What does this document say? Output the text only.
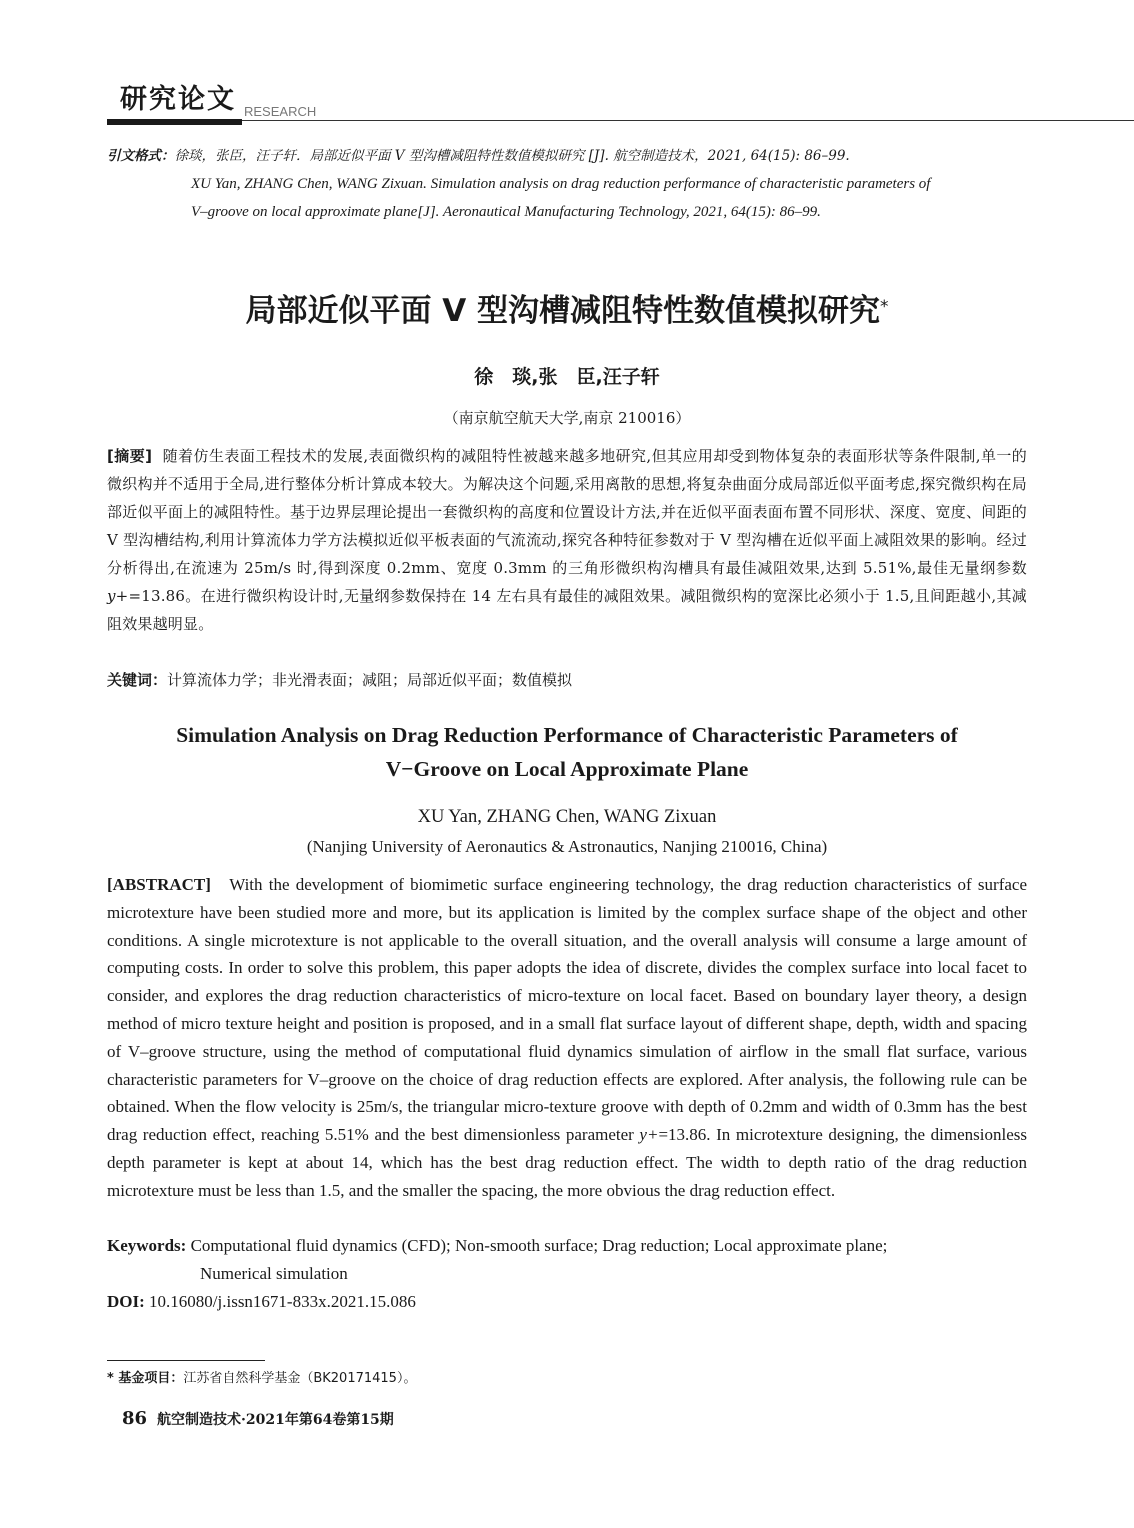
研究论文 RESEARCH
引文格式：徐琰，张臣，汪子轩．局部近似平面 V 型沟槽减阻特性数值模拟研究 [J]. 航空制造技术，2021, 64(15): 86–99.
XU Yan, ZHANG Chen, WANG Zixuan. Simulation analysis on drag reduction performance of characteristic parameters of
V–groove on local approximate plane[J]. Aeronautical Manufacturing Technology, 2021, 64(15): 86–99.
局部近似平面 V 型沟槽减阻特性数值模拟研究*
徐　琰,张　臣,汪子轩
（南京航空航天大学,南京 210016）
[摘要] 随着仿生表面工程技术的发展,表面微织构的减阻特性被越来越多地研究,但其应用却受到物体复杂的表面形状等条件限制,单一的微织构并不适用于全局,进行整体分析计算成本较大。为解决这个问题,采用离散的思想,将复杂曲面分成局部近似平面考虑,探究微织构在局部近似平面上的减阻特性。基于边界层理论提出一套微织构的高度和位置设计方法,并在近似平面表面布置不同形状、深度、宽度、间距的 V 型沟槽结构,利用计算流体力学方法模拟近似平板表面的气流流动,探究各种特征参数对于 V 型沟槽在近似平面上减阻效果的影响。经过分析得出,在流速为 25m/s 时,得到深度 0.2mm、宽度 0.3mm 的三角形微织构沟槽具有最佳减阻效果,达到 5.51%,最佳无量纲参数 y+=13.86。在进行微织构设计时,无量纲参数保持在 14 左右具有最佳的减阻效果。减阻微织构的宽深比必须小于 1.5,且间距越小,其减阻效果越明显。
关键词：计算流体力学；非光滑表面；减阻；局部近似平面；数值模拟
Simulation Analysis on Drag Reduction Performance of Characteristic Parameters of
V−Groove on Local Approximate Plane
XU Yan, ZHANG Chen, WANG Zixuan
(Nanjing University of Aeronautics & Astronautics, Nanjing 210016, China)
[ABSTRACT] With the development of biomimetic surface engineering technology, the drag reduction characteristics of surface microtexture have been studied more and more, but its application is limited by the complex surface shape of the object and other conditions. A single microtexture is not applicable to the overall situation, and the overall analysis will consume a large amount of computing costs. In order to solve this problem, this paper adopts the idea of discrete, divides the complex surface into local facet to consider, and explores the drag reduction characteristics of micro-texture on local facet. Based on boundary layer theory, a design method of micro texture height and position is proposed, and in a small flat surface layout of different shape, depth, width and spacing of V–groove structure, using the method of computational fluid dynamics simulation of airflow in the small flat surface, various characteristic parameters for V–groove on the choice of drag reduction effects are explored. After analysis, the following rule can be obtained. When the flow velocity is 25m/s, the triangular micro-texture groove with depth of 0.2mm and width of 0.3mm has the best drag reduction effect, reaching 5.51% and the best dimensionless parameter y+=13.86. In microtexture designing, the dimensionless depth parameter is kept at about 14, which has the best drag reduction effect. The width to depth ratio of the drag reduction microtexture must be less than 1.5, and the smaller the spacing, the more obvious the drag reduction effect.
Keywords: Computational fluid dynamics (CFD); Non-smooth surface; Drag reduction; Local approximate plane;
Numerical simulation
DOI: 10.16080/j.issn1671-833x.2021.15.086
* 基金项目：江苏省自然科学基金（BK20171415）。
86 航空制造技术·2021年第64卷第15期
